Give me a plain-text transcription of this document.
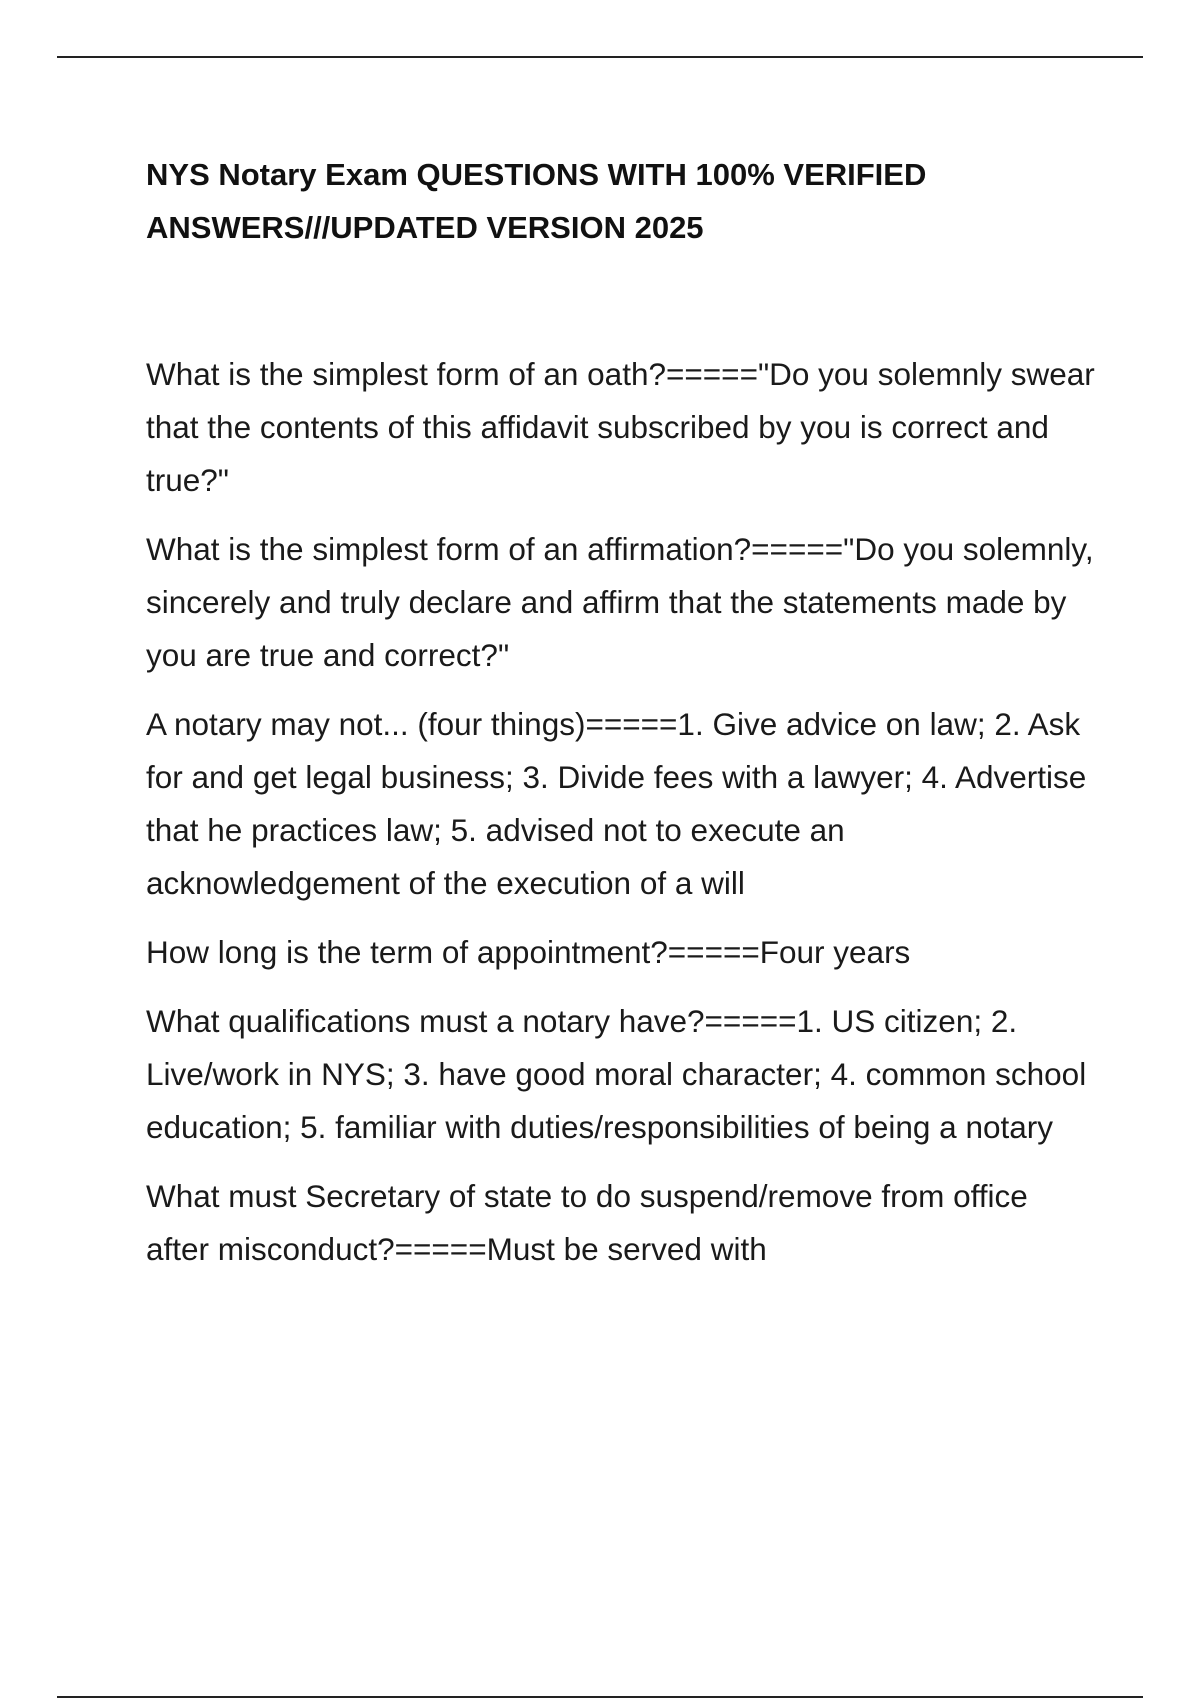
NYS Notary Exam QUESTIONS WITH 100% VERIFIED ANSWERS///UPDATED VERSION 2025
What is the simplest form of an oath?====="Do you solemnly swear that the contents of this affidavit subscribed by you is correct and true?"
What is the simplest form of an affirmation?====="Do you solemnly, sincerely and truly declare and affirm that the statements made by you are true and correct?"
A notary may not... (four things)=====1. Give advice on law; 2. Ask for and get legal business; 3. Divide fees with a lawyer; 4. Advertise that he practices law; 5. advised not to execute an acknowledgement of the execution of a will
How long is the term of appointment?=====Four years
What qualifications must a notary have?=====1. US citizen; 2. Live/work in NYS; 3. have good moral character; 4. common school education; 5. familiar with duties/responsibilities of being a notary
What must Secretary of state to do suspend/remove from office after misconduct?=====Must be served with
